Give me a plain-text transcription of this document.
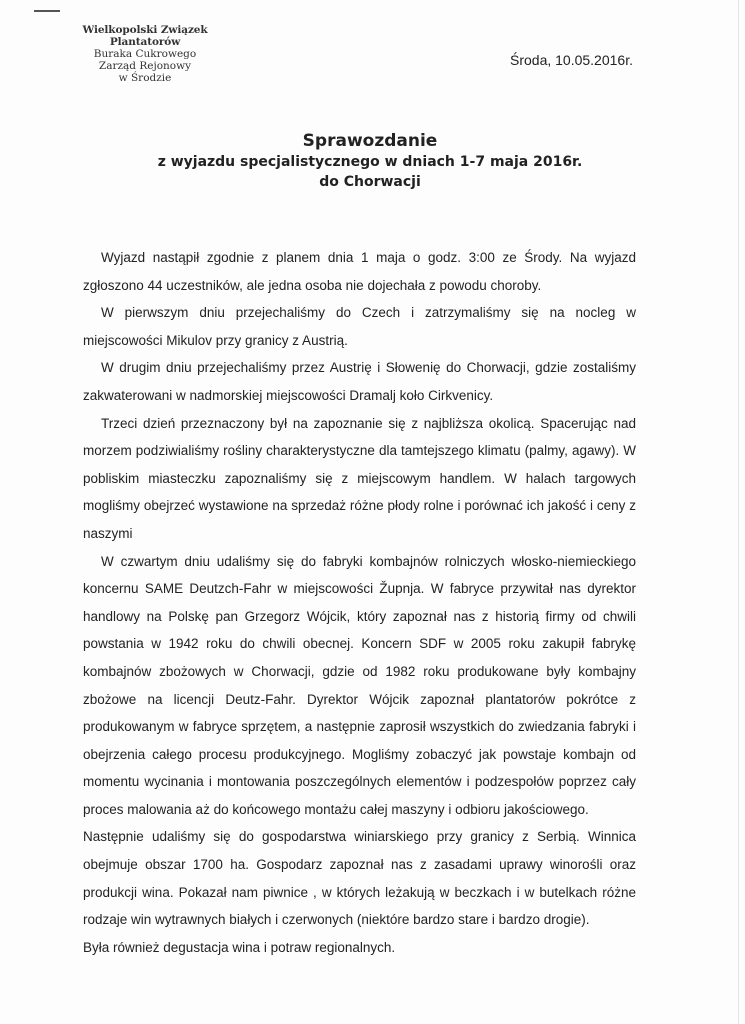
Wielkopolski Związek Plantatorów
Buraka Cukrowego
Zarząd Rejonowy
w Środzie
Środa, 10.05.2016r.
Sprawozdanie
z wyjazdu specjalistycznego w dniach 1-7 maja 2016r.
do Chorwacji

Wyjazd nastąpił zgodnie z planem dnia 1 maja o godz. 3:00 ze Środy. Na wyjazd zgłoszono 44 uczestników, ale jedna osoba nie dojechała z powodu choroby.

W pierwszym dniu przejechaliśmy do Czech i zatrzymaliśmy się na nocleg w miejscowości Mikulov przy granicy z Austrią.

W drugim dniu przejechaliśmy przez Austrię i Słowenię do Chorwacji, gdzie zostaliśmy zakwaterowani w nadmorskiej miejscowości Dramalj koło Cirkvenicy.

Trzeci dzień przeznaczony był na zapoznanie się z najbliższa okolicą. Spacerując nad morzem podziwialiśmy rośliny charakterystyczne dla tamtejszego klimatu (palmy, agawy). W pobliskim miasteczku zapoznaliśmy się z miejscowym handlem. W halach targowych mogliśmy obejrzeć wystawione na sprzedaż różne płody rolne i porównać ich jakość i ceny z naszymi

W czwartym dniu udaliśmy się do fabryki kombajnów rolniczych włosko-niemieckiego koncernu SAME Deutzch-Fahr w miejscowości Župnja. W fabryce przywitał nas dyrektor handlowy na Polskę pan Grzegorz Wójcik, który zapoznał nas z historią firmy od chwili powstania w 1942 roku do chwili obecnej. Koncern SDF w 2005 roku zakupił fabrykę kombajnów zbożowych w Chorwacji, gdzie od 1982 roku produkowane były kombajny zbożowe na licencji Deutz-Fahr. Dyrektor Wójcik zapoznał plantatorów pokrótce z produkowanym w fabryce sprzętem, a następnie zaprosił wszystkich do zwiedzania fabryki i obejrzenia całego procesu produkcyjnego. Mogliśmy zobaczyć jak powstaje kombajn od momentu wycinania i montowania poszczególnych elementów i podzespołów poprzez cały proces malowania aż do końcowego montażu całej maszyny i odbioru jakościowego.

Następnie udaliśmy się do gospodarstwa winiarskiego przy granicy z Serbią. Winnica obejmuje obszar 1700 ha. Gospodarz zapoznał nas z zasadami uprawy winorośli oraz produkcji wina. Pokazał nam piwnice , w których leżakują w beczkach i w butelkach różne rodzaje win wytrawnych białych i czerwonych (niektóre bardzo stare i bardzo drogie).

Była również degustacja wina i potraw regionalnych.
